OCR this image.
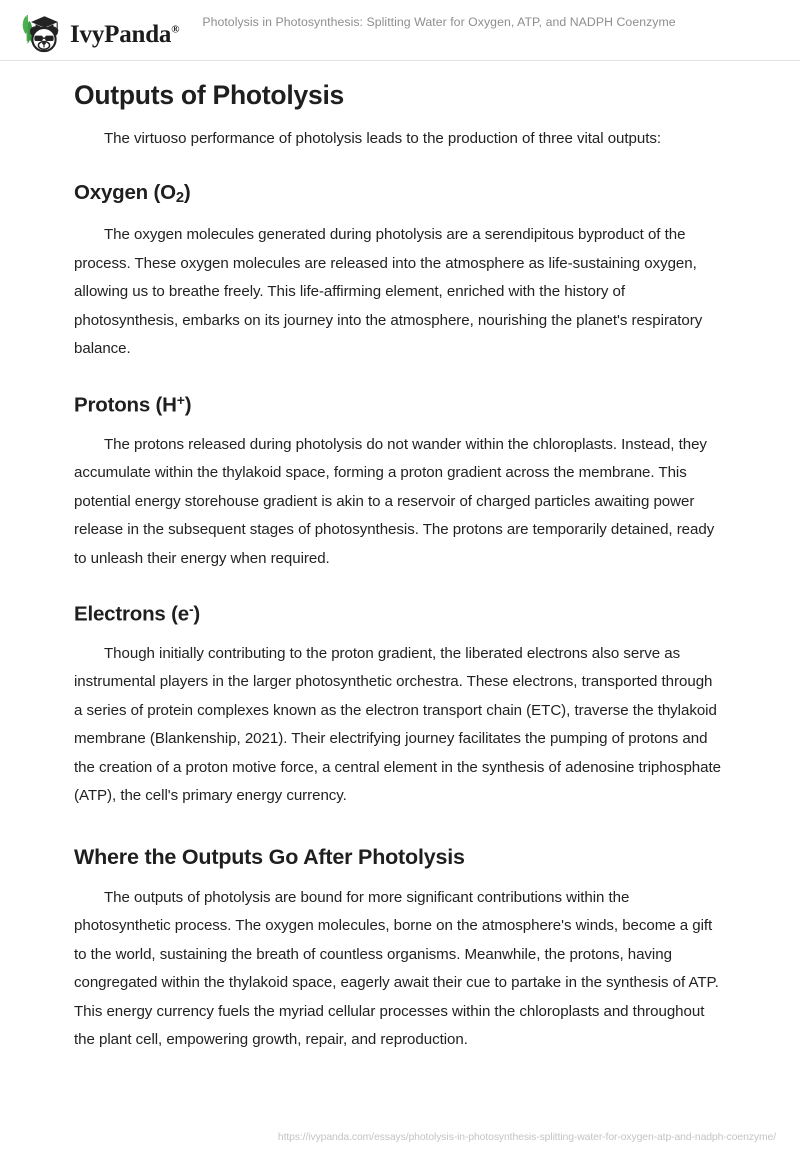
IvyPanda®
Photolysis in Photosynthesis: Splitting Water for Oxygen, ATP, and NADPH Coenzyme
Outputs of Photolysis

The virtuoso performance of photolysis leads to the production of three vital outputs:

Oxygen $(O_2)$

The oxygen molecules generated during photolysis are a serendipitous byproduct of the process. These oxygen molecules are released into the atmosphere as life-sustaining oxygen, allowing us to breathe freely. This life-affirming element, enriched with the history of photosynthesis, embarks on its journey into the atmosphere, nourishing the planet's respiratory balance.

Protons (H+)

The protons released during photolysis do not wander within the chloroplasts. Instead, they accumulate within the thylakoid space, forming a proton gradient across the membrane. This potential energy storehouse gradient is akin to a reservoir of charged particles awaiting power release in the subsequent stages of photosynthesis. The protons are temporarily detained, ready to unleash their energy when required.

Electrons (e-)

Though initially contributing to the proton gradient, the liberated electrons also serve as instrumental players in the larger photosynthetic orchestra. These electrons, transported through a series of protein complexes known as the electron transport chain (ETC), traverse the thylakoid membrane (Blankenship, 2021). Their electrifying journey facilitates the pumping of protons and the creation of a proton motive force, a central element in the synthesis of adenosine triphosphate (ATP), the cell's primary energy currency.

Where the Outputs Go After Photolysis

The outputs of photolysis are bound for more significant contributions within the photosynthetic process. The oxygen molecules, borne on the atmosphere's winds, become a gift to the world, sustaining the breath of countless organisms. Meanwhile, the protons, having congregated within the thylakoid space, eagerly await their cue to partake in the synthesis of ATP. This energy currency fuels the myriad cellular processes within the chloroplasts and throughout the plant cell, empowering growth, repair, and reproduction.

https://ivypanda.com/essays/photolysis-in-photosynthesis-splitting-water-for-oxygen-atp-and-nadph-coenzyme/
